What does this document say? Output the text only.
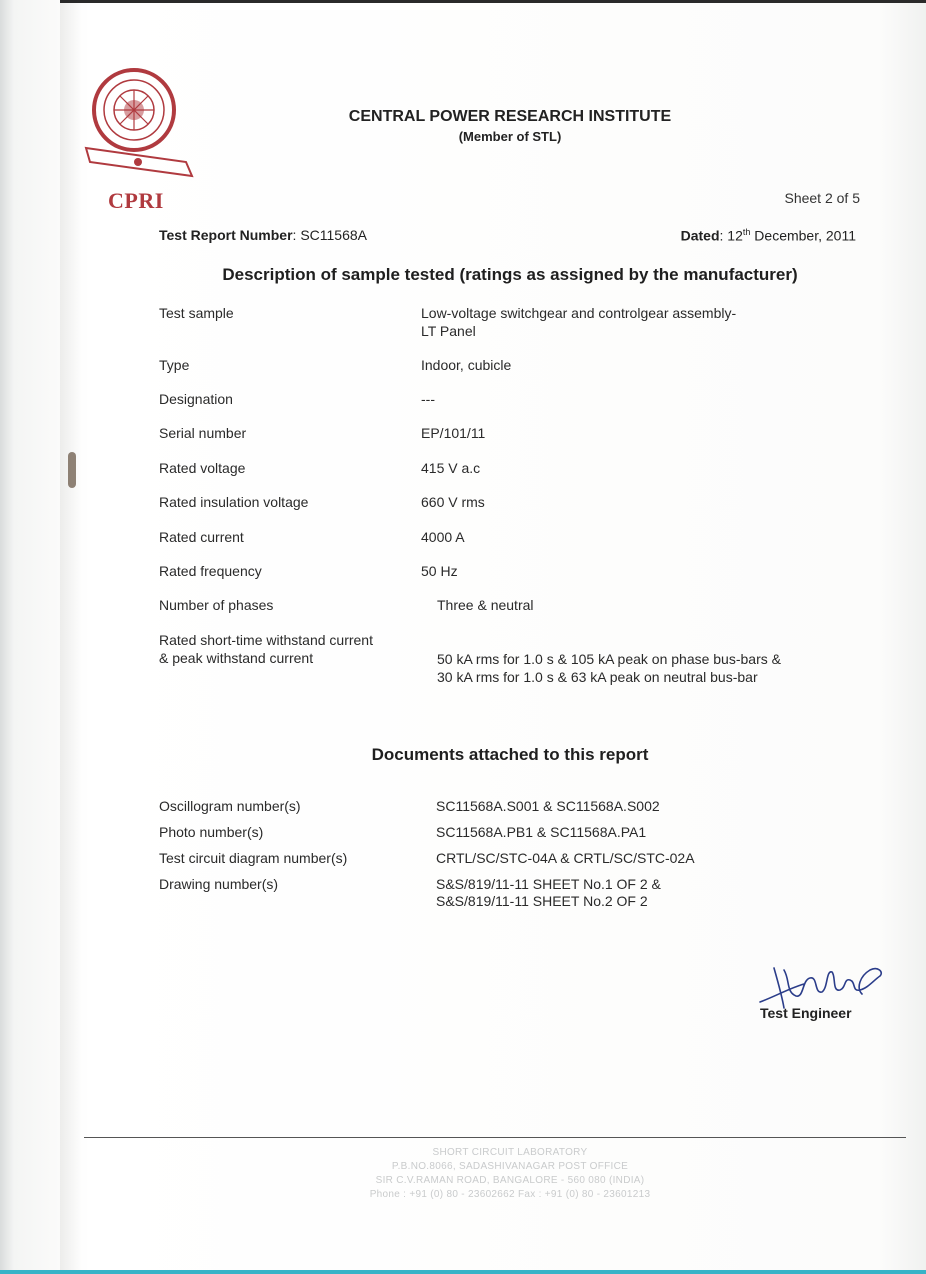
CPRI
CENTRAL POWER RESEARCH INSTITUTE
(Member of STL)
Sheet 2 of 5
Test Report Number: SC11568A	Dated: 12th December, 2011
Description of sample tested (ratings as assigned by the manufacturer)
Test sample	Low-voltage switchgear and controlgear assembly-
LT Panel
Type	Indoor, cubicle
Designation	---
Serial number	EP/101/11
Rated voltage	415 V a.c
Rated insulation voltage	660 V rms
Rated current	4000 A
Rated frequency	50 Hz
Number of phases	Three & neutral
Rated short-time withstand current
& peak withstand current	50 kA rms for 1.0 s & 105 kA peak on phase bus-bars &
30 kA rms for 1.0 s & 63 kA peak on neutral bus-bar
Documents attached to this report
Oscillogram number(s)	SC11568A.S001 & SC11568A.S002
Photo number(s)	SC11568A.PB1 & SC11568A.PA1
Test circuit diagram number(s)	CRTL/SC/STC-04A & CRTL/SC/STC-02A
Drawing number(s)	S&S/819/11-11 SHEET No.1 OF 2 &
S&S/819/11-11 SHEET No.2 OF 2
Test Engineer
SHORT CIRCUIT LABORATORY
P.B.NO.8066, SADASHIVANAGAR POST OFFICE
SIR C.V.RAMAN ROAD, BANGALORE - 560 080 (INDIA)
Phone : +91 (0) 80 - 23602662 Fax : +91 (0) 80 - 23601213
